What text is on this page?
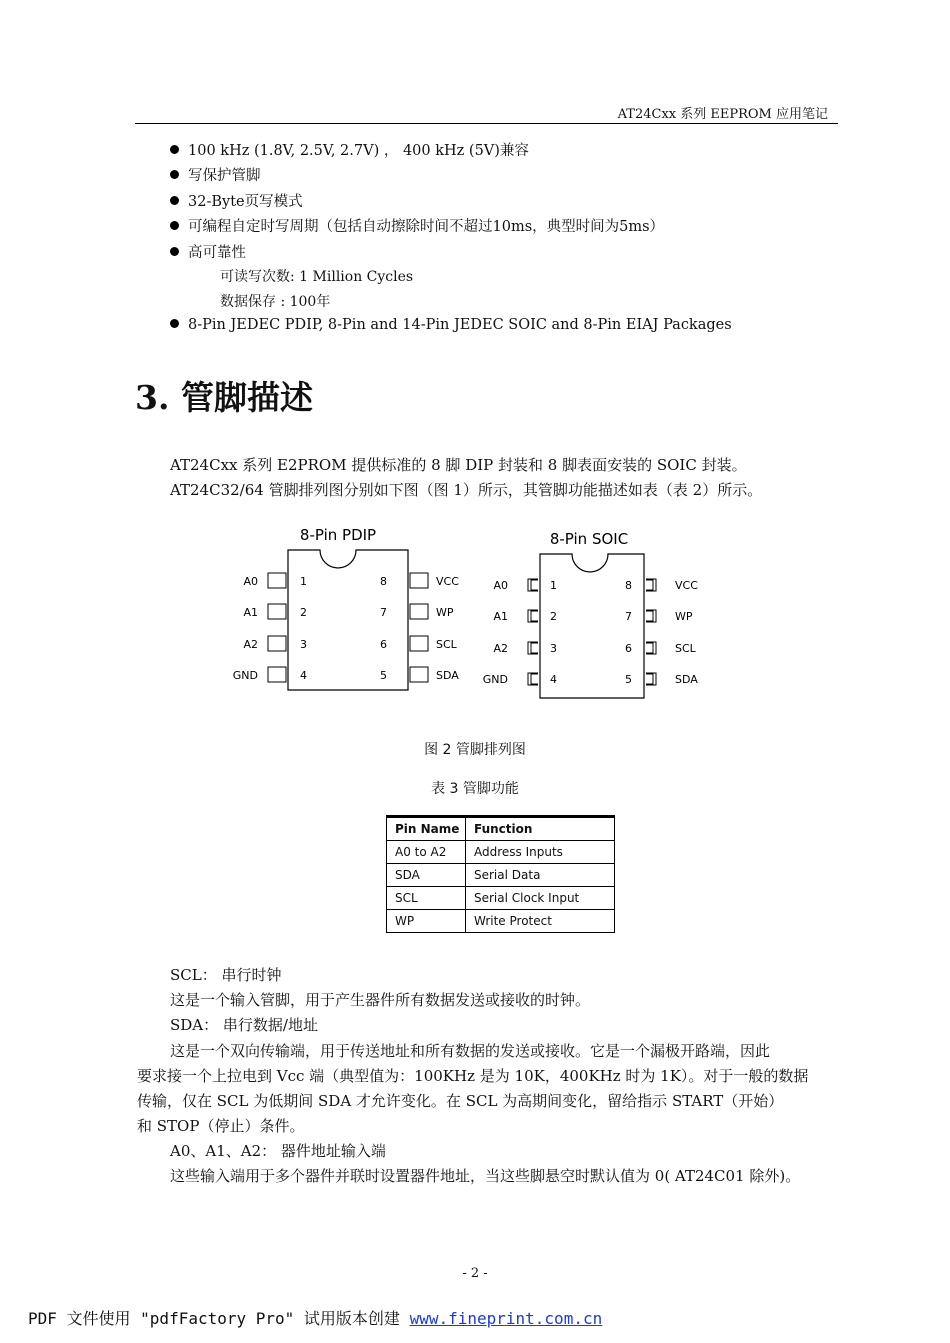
AT24Cxx 系列 EEPROM 应用笔记
100 kHz (1.8V, 2.5V, 2.7V) ， 400 kHz (5V)兼容
写保护管脚
32-Byte页写模式
可编程自定时写周期（包括自动擦除时间不超过10ms，典型时间为5ms）
高可靠性
可读写次数: 1 Million Cycles
数据保存 : 100年
8-Pin JEDEC PDIP, 8-Pin and 14-Pin JEDEC SOIC and 8-Pin EIAJ Packages
3. 管脚描述
AT24Cxx 系列 E2PROM 提供标准的 8 脚 DIP 封装和 8 脚表面安装的 SOIC 封装。
AT24C32/64 管脚排列图分别如下图（图 1）所示，其管脚功能描述如表（表 2）所示。
8-Pin PDIP
A0
A1
A2
GND
1
2
3
4
8
7
6
5
VCC
WP
SCL
SDA
8-Pin SOIC
A0
A1
A2
GND
1
2
3
4
8
7
6
5
VCC
WP
SCL
SDA
图 2 管脚排列图
表 3 管脚功能
Pin Name	Function
A0 to A2	Address Inputs
SDA	Serial Data
SCL	Serial Clock Input
WP	Write Protect
SCL： 串行时钟
这是一个输入管脚，用于产生器件所有数据发送或接收的时钟。
SDA： 串行数据/地址
这是一个双向传输端，用于传送地址和所有数据的发送或接收。它是一个漏极开路端，因此
要求接一个上拉电到 Vcc 端（典型值为：100KHz 是为 10K，400KHz 时为 1K）。对于一般的数据
传输，仅在 SCL 为低期间 SDA 才允许变化。在 SCL 为高期间变化，留给指示 START（开始）
和 STOP（停止）条件。
A0、A1、A2： 器件地址输入端
这些输入端用于多个器件并联时设置器件地址，当这些脚悬空时默认值为 0( AT24C01 除外)。
- 2 -
PDF 文件使用 "pdfFactory Pro" 试用版本创建 www.fineprint.com.cn
